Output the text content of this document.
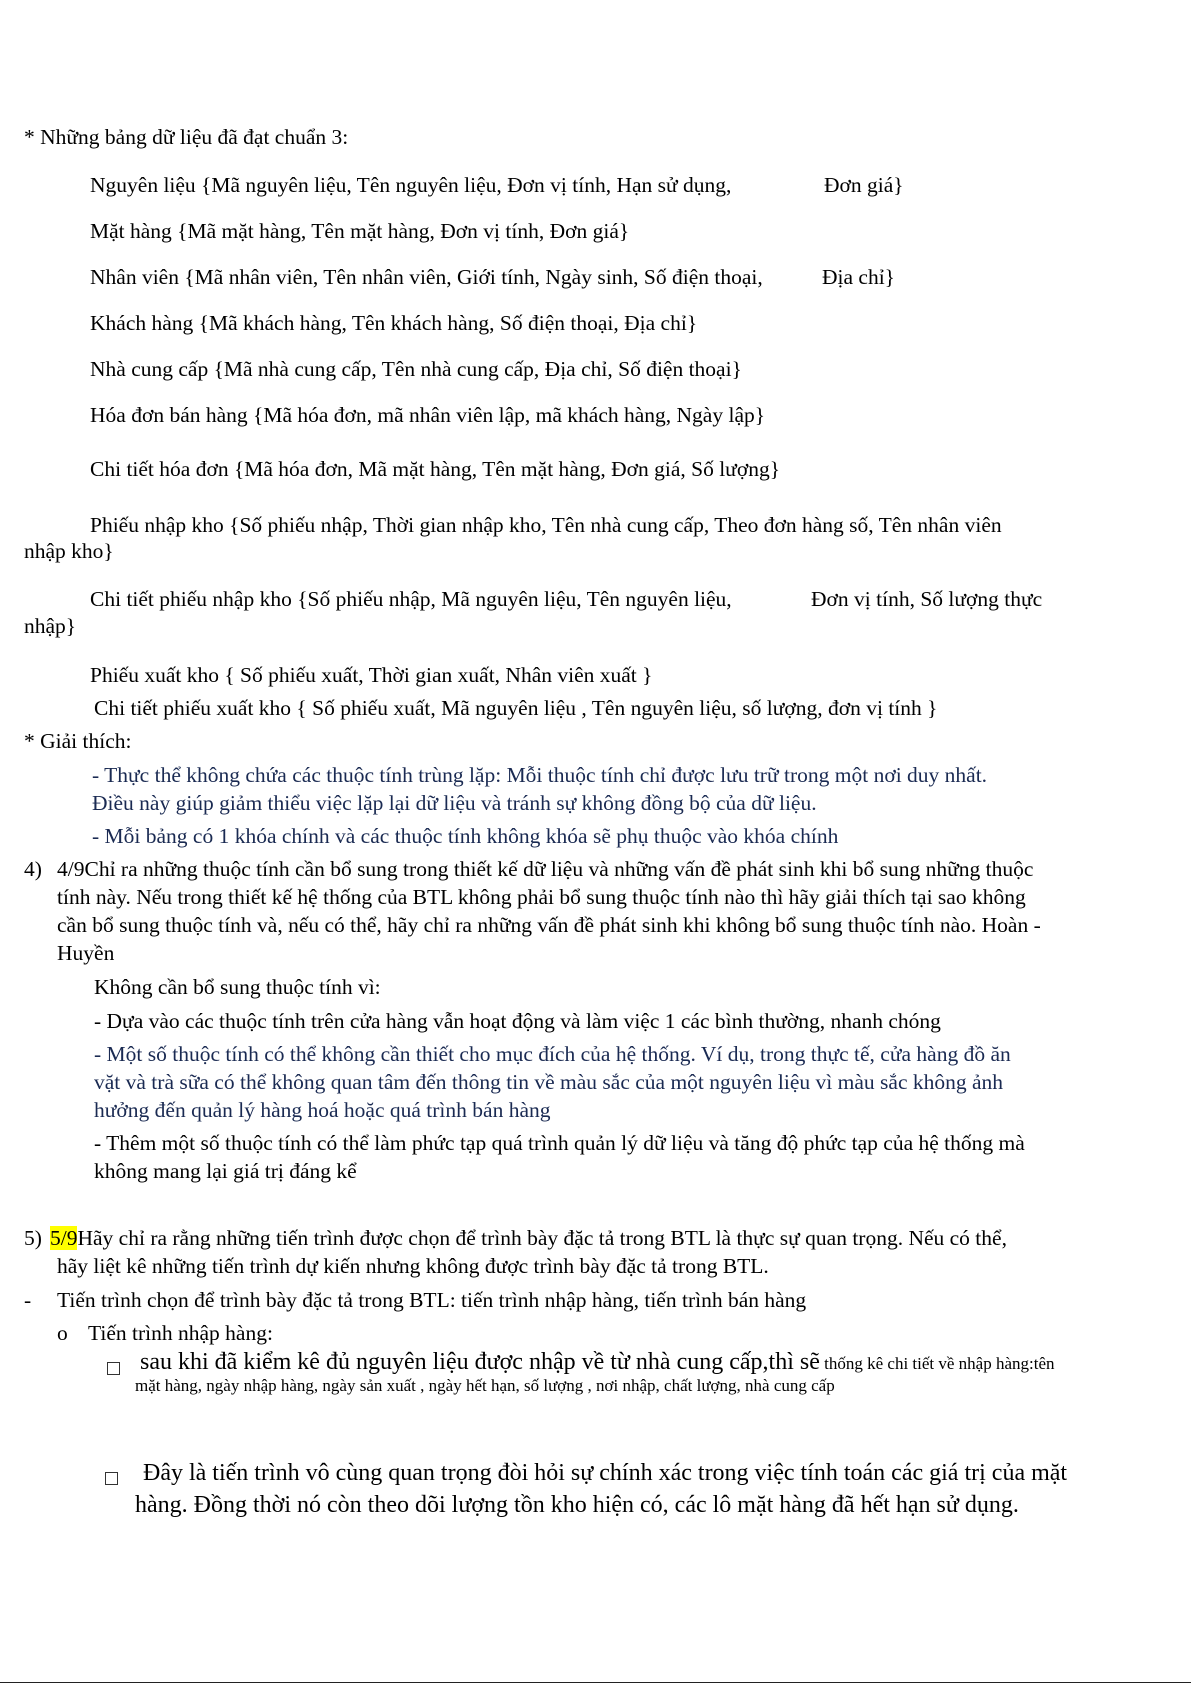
* Những bảng dữ liệu đã đạt chuẩn 3:
Nguyên liệu {Mã nguyên liệu, Tên nguyên liệu, Đơn vị tính, Hạn sử dụng,	Đơn giá}
Mặt hàng {Mã mặt hàng, Tên mặt hàng, Đơn vị tính, Đơn giá}
Nhân viên {Mã nhân viên, Tên nhân viên, Giới tính, Ngày sinh, Số điện thoại,	Địa chỉ}
Khách hàng {Mã khách hàng, Tên khách hàng, Số điện thoại, Địa chỉ}
Nhà cung cấp {Mã nhà cung cấp, Tên nhà cung cấp, Địa chỉ, Số điện thoại}
Hóa đơn bán hàng {Mã hóa đơn, mã nhân viên lập, mã khách hàng, Ngày lập}
Chi tiết hóa đơn {Mã hóa đơn, Mã mặt hàng, Tên mặt hàng, Đơn giá, Số lượng}
Phiếu nhập kho {Số phiếu nhập, Thời gian nhập kho, Tên nhà cung cấp, Theo đơn hàng số, Tên nhân viên
nhập kho}
Chi tiết phiếu nhập kho {Số phiếu nhập, Mã nguyên liệu, Tên nguyên liệu,	Đơn vị tính, Số lượng thực
nhập}
Phiếu xuất kho { Số phiếu xuất, Thời gian xuất, Nhân viên xuất }
Chi tiết phiếu xuất kho { Số phiếu xuất, Mã nguyên liệu , Tên nguyên liệu, số lượng, đơn vị tính }
* Giải thích:
- Thực thể không chứa các thuộc tính trùng lặp: Mỗi thuộc tính chỉ được lưu trữ trong một nơi duy nhất.
Điều này giúp giảm thiểu việc lặp lại dữ liệu và tránh sự không đồng bộ của dữ liệu.
- Mỗi bảng có 1 khóa chính và các thuộc tính không khóa sẽ phụ thuộc vào khóa chính
4) 4/9Chỉ ra những thuộc tính cần bổ sung trong thiết kế dữ liệu và những vấn đề phát sinh khi bổ sung những thuộc
tính này. Nếu trong thiết kế hệ thống của BTL không phải bổ sung thuộc tính nào thì hãy giải thích tại sao không
cần bổ sung thuộc tính và, nếu có thể, hãy chỉ ra những vấn đề phát sinh khi không bổ sung thuộc tính nào. Hoàn -
Huyền
Không cần bổ sung thuộc tính vì:
- Dựa vào các thuộc tính trên cửa hàng vẫn hoạt động và làm việc 1 các bình thường, nhanh chóng
- Một số thuộc tính có thể không cần thiết cho mục đích của hệ thống. Ví dụ, trong thực tế, cửa hàng đồ ăn
vặt và trà sữa có thể không quan tâm đến thông tin về màu sắc của một nguyên liệu vì màu sắc không ảnh
hưởng đến quản lý hàng hoá hoặc quá trình bán hàng
- Thêm một số thuộc tính có thể làm phức tạp quá trình quản lý dữ liệu và tăng độ phức tạp của hệ thống mà
không mang lại giá trị đáng kể
5) 5/9Hãy chỉ ra rằng những tiến trình được chọn để trình bày đặc tả trong BTL là thực sự quan trọng. Nếu có thể,
hãy liệt kê những tiến trình dự kiến nhưng không được trình bày đặc tả trong BTL.
- Tiến trình chọn để trình bày đặc tả trong BTL: tiến trình nhập hàng, tiến trình bán hàng
o Tiến trình nhập hàng:
sau khi đã kiểm kê đủ nguyên liệu được nhập về từ nhà cung cấp,thì sẽ thống kê chi tiết về nhập hàng:tên
mặt hàng, ngày nhập hàng, ngày sản xuất , ngày hết hạn, số lượng , nơi nhập, chất lượng, nhà cung cấp
Đây là tiến trình vô cùng quan trọng đòi hỏi sự chính xác trong việc tính toán các giá trị của mặt
hàng. Đồng thời nó còn theo dõi lượng tồn kho hiện có, các lô mặt hàng đã hết hạn sử dụng.
